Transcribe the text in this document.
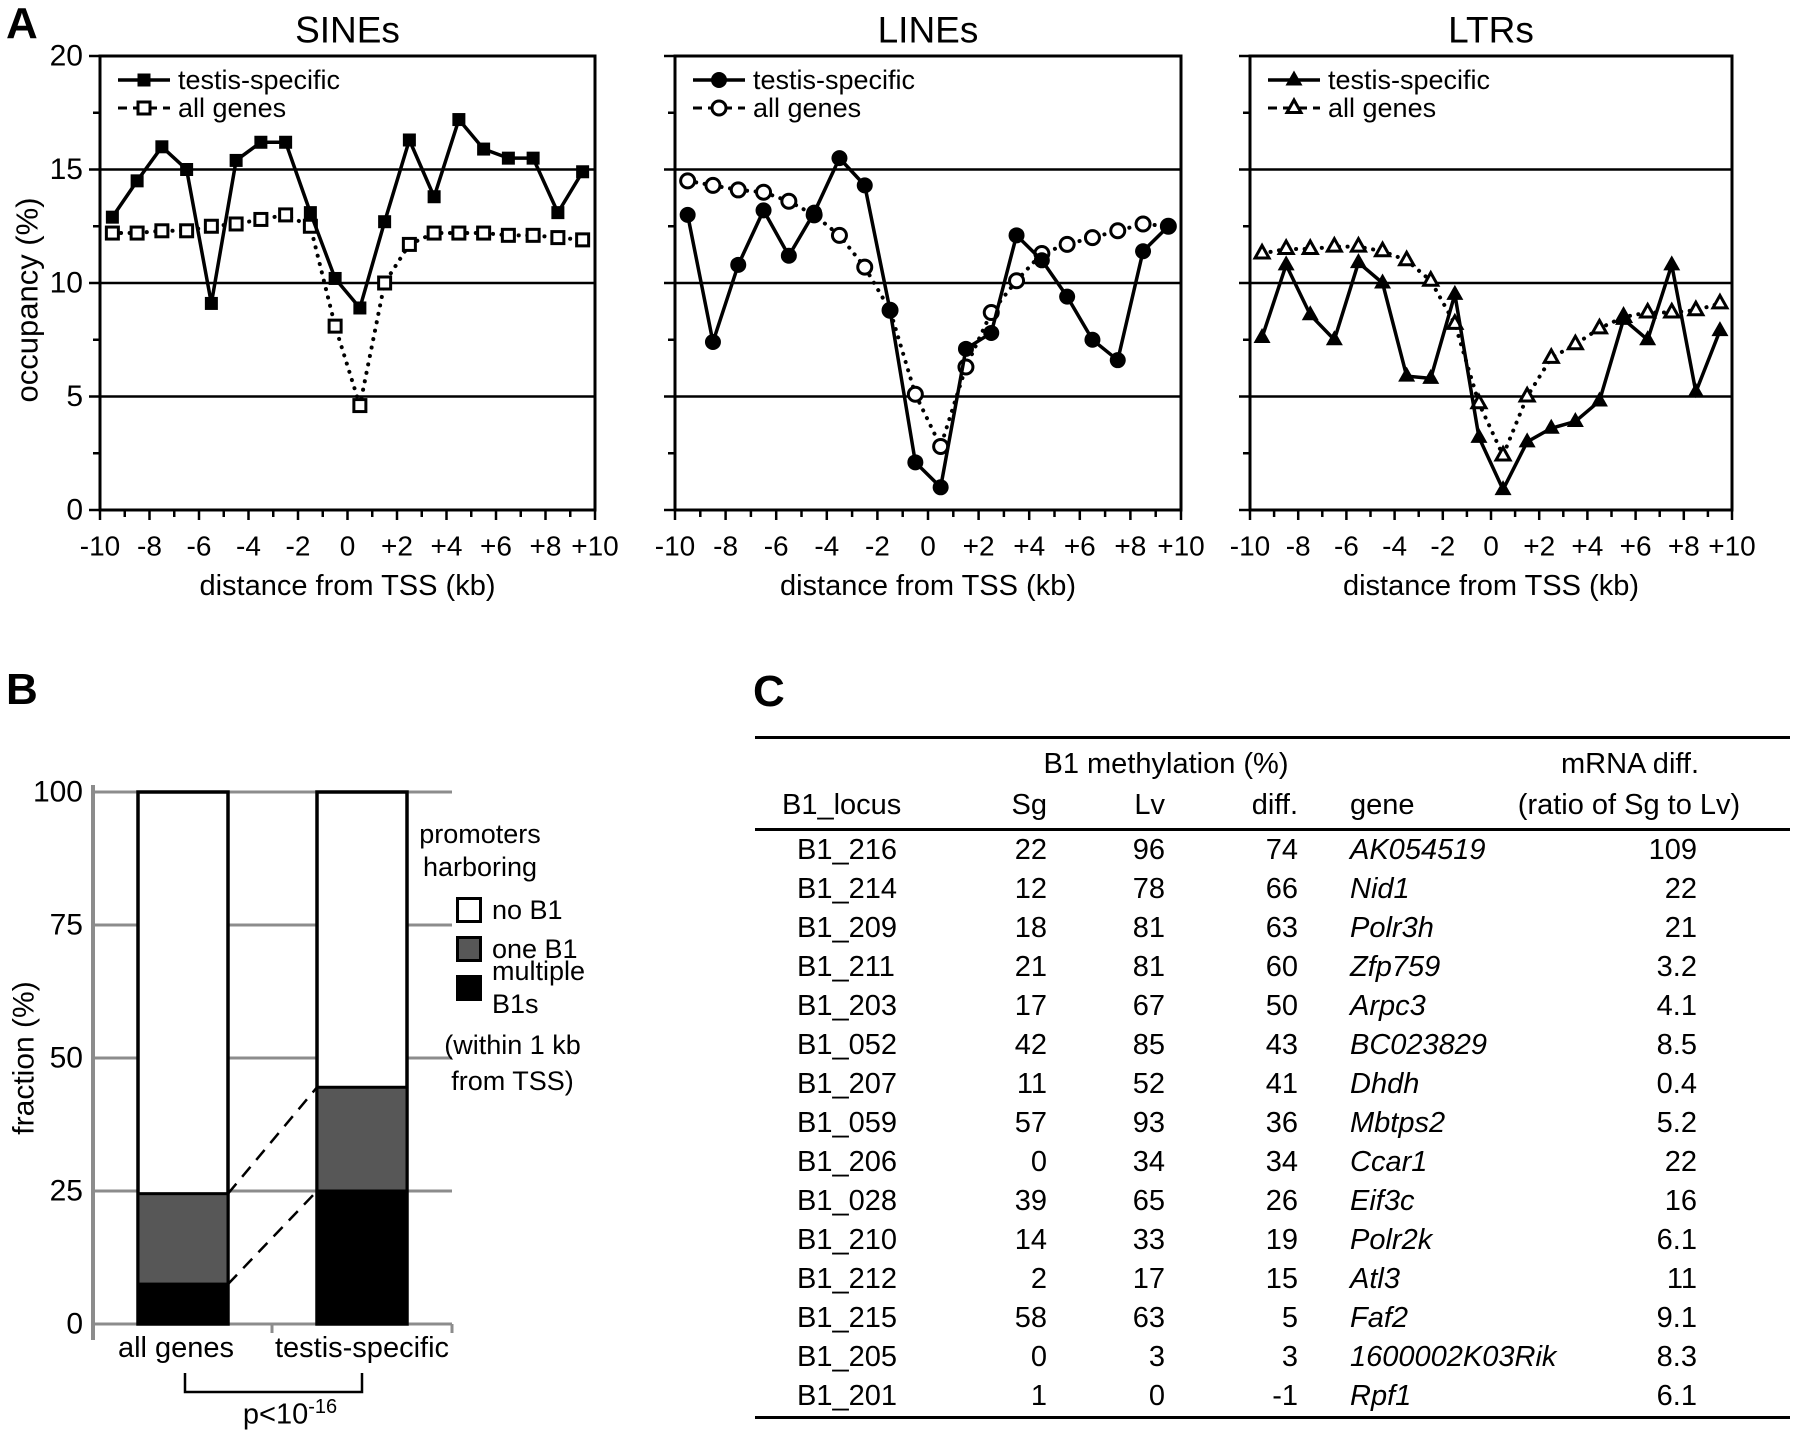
-10 -8 -6 -4 -2 0 +2 +4 +6 +8 +10
0
5
10
15
20
occupancy (%)
SINEs
distance from TSS (kb)
testis-specific
all genes
-10 -8 -6 -4 -2 0 +2 +4 +6 +8 +10
LINEs
distance from TSS (kb)
testis-specific
all genes
-10 -8 -6 -4 -2 0 +2 +4 +6 +8 +10
LTRs
distance from TSS (kb)
testis-specific
all genes
0
25
50
75
100
fraction (%)
all genes testis-specific
A
B	C
promoters
harboring
no B1
one B1
multiple B1s
(within 1 kb
from TSS)
$p<10^{-16}$
B1 methylation (%)	mRNA diff.
B1_locus	Sg	Lv	diff. gene	(ratio of Sg to Lv)
B1_216	22	96	74 AK054519	109
B1_214	12	78	66 Nid1	22
B1_209	18	81	63 Polr3h	21
B1_211	21	81	60 Zfp759	3.2
B1_203	17	67	50 Arpc3	4.1
B1_052	42	85	43 BC023829	8.5
B1_207	11	52	41 Dhdh	0.4
B1_059	57	93	36 Mbtps2	5.2
B1_206	0	34	34 Ccar1	22
B1_028	39	65	26 Eif3c	16
B1_210	14	33	19 Polr2k	6.1
B1_212	2	17	15 Atl3	11
B1_215	58	63	5 Faf2	9.1
B1_205	0	3	3 1600002K03Rik	8.3
B1_201	1	0	-1 Rpf1	6.1
